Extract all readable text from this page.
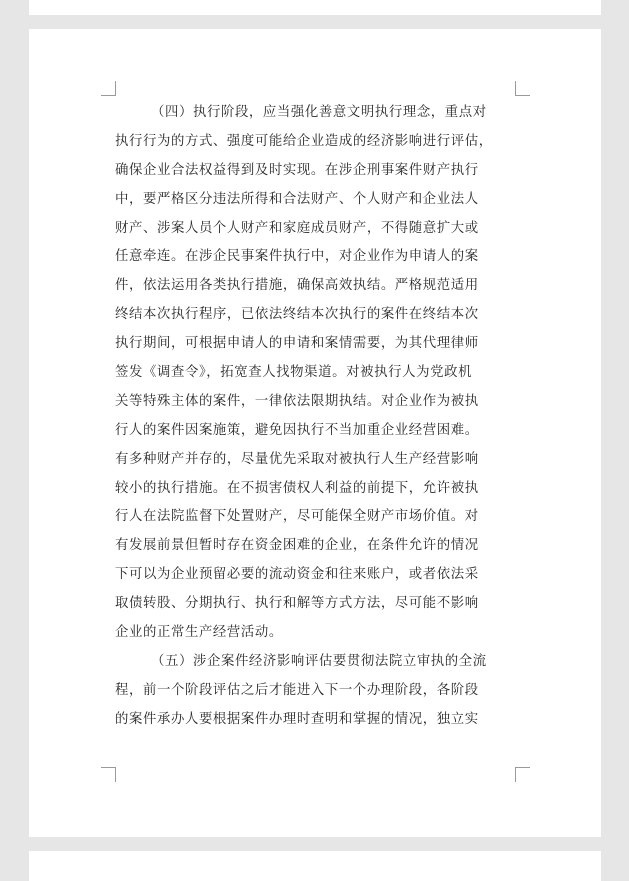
（四）执行阶段，应当强化善意文明执行理念，重点对
执行行为的方式、强度可能给企业造成的经济影响进行评估，
确保企业合法权益得到及时实现。在涉企刑事案件财产执行
中，要严格区分违法所得和合法财产、个人财产和企业法人
财产、涉案人员个人财产和家庭成员财产，不得随意扩大或
任意牵连。在涉企民事案件执行中，对企业作为申请人的案
件，依法运用各类执行措施，确保高效执结。严格规范适用
终结本次执行程序，已依法终结本次执行的案件在终结本次
执行期间，可根据申请人的申请和案情需要，为其代理律师
签发《调查令》，拓宽查人找物渠道。对被执行人为党政机
关等特殊主体的案件，一律依法限期执结。对企业作为被执
行人的案件因案施策，避免因执行不当加重企业经营困难。
有多种财产并存的，尽量优先采取对被执行人生产经营影响
较小的执行措施。在不损害债权人利益的前提下，允许被执
行人在法院监督下处置财产，尽可能保全财产市场价值。对
有发展前景但暂时存在资金困难的企业，在条件允许的情况
下可以为企业预留必要的流动资金和往来账户，或者依法采
取债转股、分期执行、执行和解等方式方法，尽可能不影响
企业的正常生产经营活动。
（五）涉企案件经济影响评估要贯彻法院立审执的全流
程，前一个阶段评估之后才能进入下一个办理阶段，各阶段
的案件承办人要根据案件办理时查明和掌握的情况，独立实
